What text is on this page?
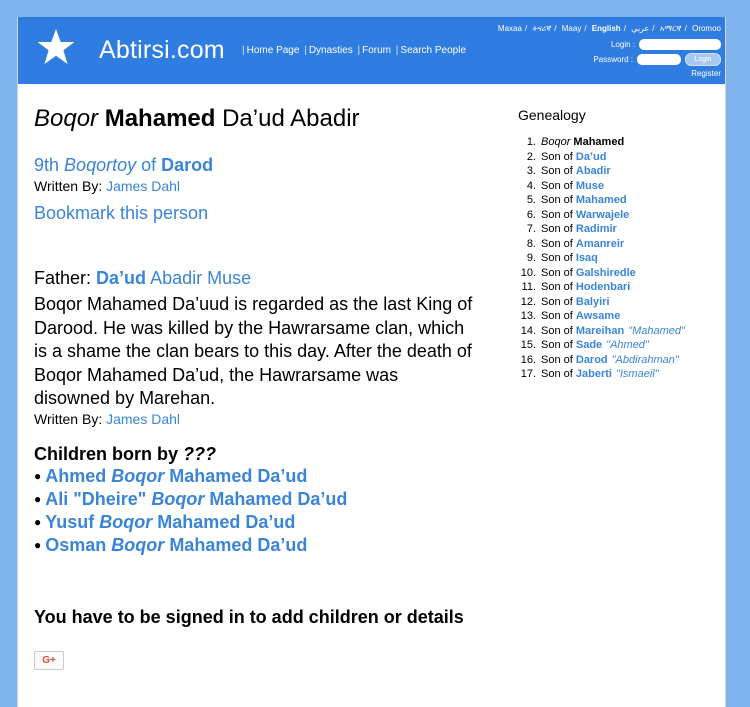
Abtirsi.com | Home Page | Dynasties | Forum | Search People
Maxaa / ትናሪኛ / Maay / English / عربي / አማርኛ / Oromoo
Login :
Password :	Login
Register
Boqor Mahamed Da’ud Abadir
9th Boqortoy of Darod
Written By: James Dahl
Bookmark this person
Father: Da’ud Abadir Muse
Boqor Mahamed Da’uud is regarded as the last King of Darood. He was killed by the Hawrarsame clan, which is a shame the clan bears to this day. After the death of Boqor Mahamed Da’ud, the Hawrarsame was disowned by Marehan.
Written By: James Dahl
Children born by ???
● Ahmed Boqor Mahamed Da’ud
● Ali "Dheire" Boqor Mahamed Da’ud
● Yusuf Boqor Mahamed Da’ud
● Osman Boqor Mahamed Da’ud
You have to be signed in to add children or details
G+
Genealogy
1. Boqor Mahamed
2. Son of Da’ud
3. Son of Abadir
4. Son of Muse
5. Son of Mahamed
6. Son of Warwajele
7. Son of Radimir
8. Son of Amanreir
9. Son of Isaq
10. Son of Galshiredle
11. Son of Hodenbari
12. Son of Balyiri
13. Son of Awsame
14. Son of Mareihan "Mahamed"
15. Son of Sade "Ahmed"
16. Son of Darod "Abdirahman"
17. Son of Jaberti "Ismaeil"
